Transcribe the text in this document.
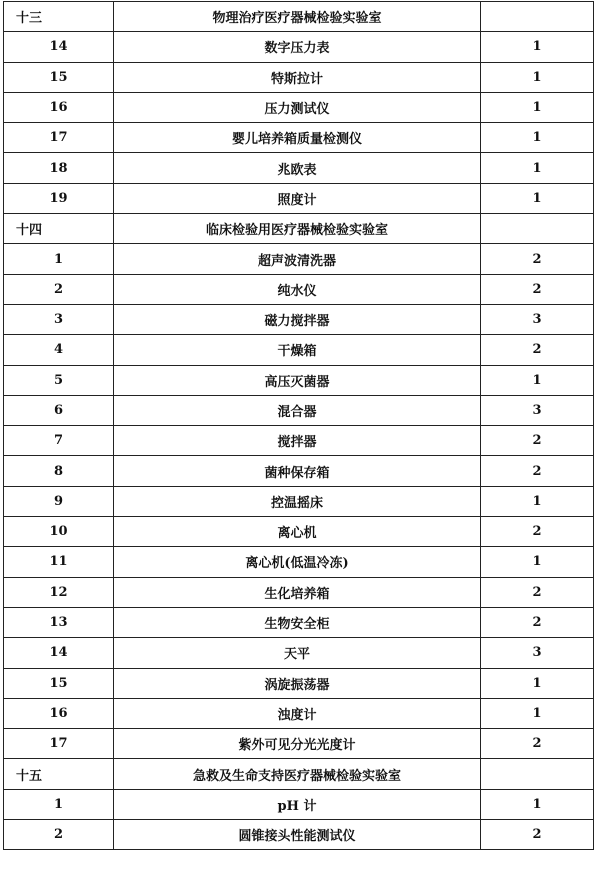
十三	物理治疗医疗器械检验实验室	
14	数字压力表	1
15	特斯拉计	1
16	压力测试仪	1
17	婴儿培养箱质量检测仪	1
18	兆欧表	1
19	照度计	1
十四	临床检验用医疗器械检验实验室	
1	超声波清洗器	2
2	纯水仪	2
3	磁力搅拌器	3
4	干燥箱	2
5	高压灭菌器	1
6	混合器	3
7	搅拌器	2
8	菌种保存箱	2
9	控温摇床	1
10	离心机	2
11	离心机(低温冷冻)	1
12	生化培养箱	2
13	生物安全柜	2
14	天平	3
15	涡旋振荡器	1
16	浊度计	1
17	紫外可见分光光度计	2
十五	急救及生命支持医疗器械检验实验室	
1	pH 计	1
2	圆锥接头性能测试仪	2
